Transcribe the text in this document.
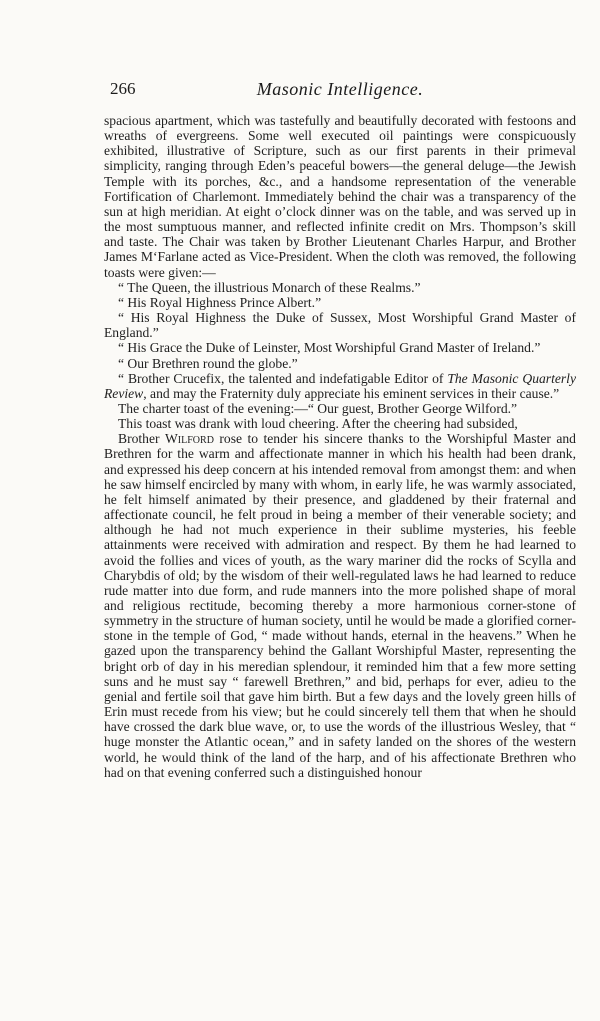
266	Masonic Intelligence.

spacious apartment, which was tastefully and beautifully decorated with festoons and wreaths of evergreens. Some well executed oil paintings were conspicuously exhibited, illustrative of Scripture, such as our first parents in their primeval simplicity, ranging through Eden’s peaceful bowers—the general deluge—the Jewish Temple with its porches, &c., and a handsome representation of the venerable Fortification of Charlemont. Immediately behind the chair was a transparency of the sun at high meridian. At eight o’clock dinner was on the table, and was served up in the most sumptuous manner, and reflected infinite credit on Mrs. Thompson’s skill and taste. The Chair was taken by Brother Lieutenant Charles Harpur, and Brother James M‘Farlane acted as Vice-President. When the cloth was removed, the following toasts were given:—

“ The Queen, the illustrious Monarch of these Realms.”

“ His Royal Highness Prince Albert.”

“ His Royal Highness the Duke of Sussex, Most Worshipful Grand Master of England.”

“ His Grace the Duke of Leinster, Most Worshipful Grand Master of Ireland.”

“ Our Brethren round the globe.”

“ Brother Crucefix, the talented and indefatigable Editor of The Masonic Quarterly Review, and may the Fraternity duly appreciate his eminent services in their cause.”

The charter toast of the evening:—“ Our guest, Brother George Wilford.”

This toast was drank with loud cheering. After the cheering had subsided,

Brother Wilford rose to tender his sincere thanks to the Worshipful Master and Brethren for the warm and affectionate manner in which his health had been drank, and expressed his deep concern at his intended removal from amongst them: and when he saw himself encircled by many with whom, in early life, he was warmly associated, he felt himself animated by their presence, and gladdened by their fraternal and affectionate council, he felt proud in being a member of their venerable society; and although he had not much experience in their sublime mysteries, his feeble attainments were received with admiration and respect. By them he had learned to avoid the follies and vices of youth, as the wary mariner did the rocks of Scylla and Charybdis of old; by the wisdom of their well-regulated laws he had learned to reduce rude matter into due form, and rude manners into the more polished shape of moral and religious rectitude, becoming thereby a more harmonious corner-stone of symmetry in the structure of human society, until he would be made a glorified corner-stone in the temple of God, “ made without hands, eternal in the heavens.” When he gazed upon the transparency behind the Gallant Worshipful Master, representing the bright orb of day in his meredian splendour, it reminded him that a few more setting suns and he must say “ farewell Brethren,” and bid, perhaps for ever, adieu to the genial and fertile soil that gave him birth. But a few days and the lovely green hills of Erin must recede from his view; but he could sincerely tell them that when he should have crossed the dark blue wave, or, to use the words of the illustrious Wesley, that “ huge monster the Atlantic ocean,” and in safety landed on the shores of the western world, he would think of the land of the harp, and of his affectionate Brethren who had on that evening conferred such a distinguished honour
